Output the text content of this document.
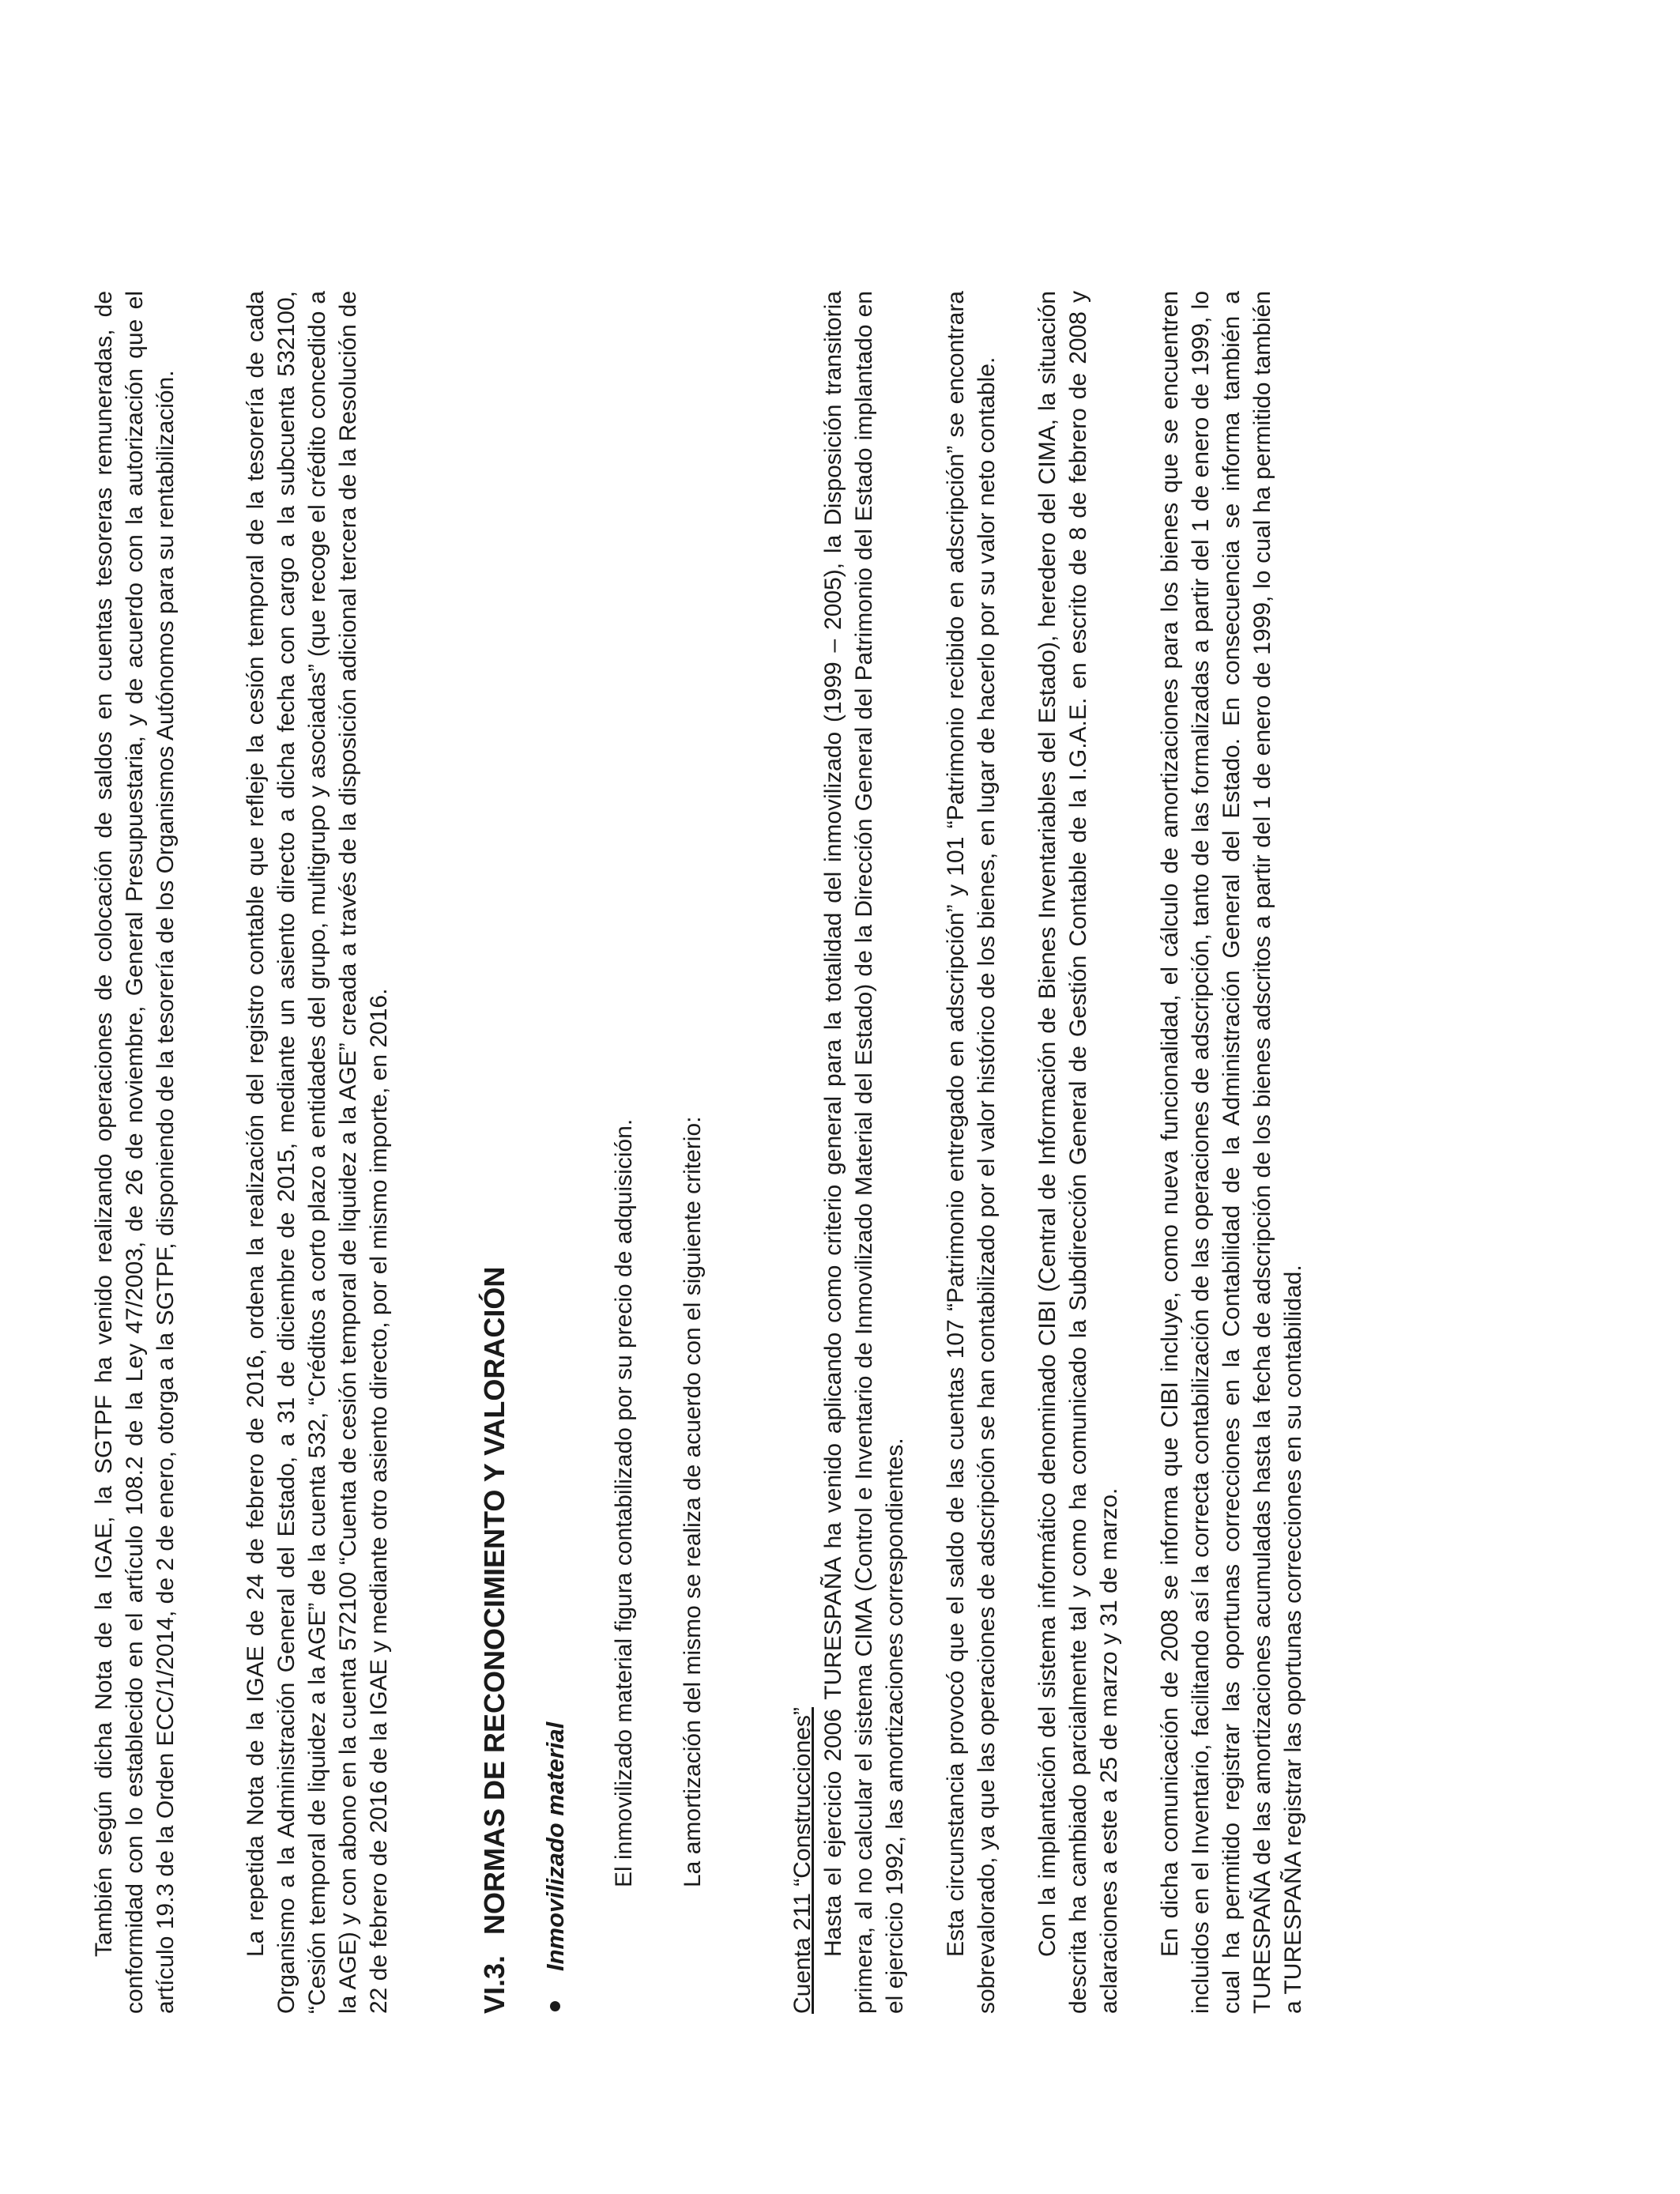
También según dicha Nota de la IGAE, la SGTPF ha venido realizando operaciones de colocación de saldos en cuentas tesoreras remuneradas, de conformidad con lo establecido en el artículo 108.2 de la Ley 47/2003, de 26 de noviembre, General Presupuestaria, y de acuerdo con la autorización que el artículo 19.3 de la Orden ECC/1/2014, de 2 de enero, otorga a la SGTPF, disponiendo de la tesorería de los Organismos Autónomos para su rentabilización.	La repetida Nota de la IGAE de 24 de febrero de 2016, ordena la realización del registro contable que refleje la cesión temporal de la tesorería de cada Organismo a la Administración General del Estado, a 31 de diciembre de 2015, mediante un asiento directo a dicha fecha con cargo a la subcuenta 532100, “Cesión temporal de liquidez a la AGE” de la cuenta 532, “Créditos a corto plazo a entidades del grupo, multigrupo y asociadas” (que recoge el crédito concedido a la AGE) y con abono en la cuenta 572100 “Cuenta de cesión temporal de liquidez a la AGE” creada a través de la disposición adicional tercera de la Resolución de 22 de febrero de 2016 de la IGAE y mediante otro asiento directo, por el mismo importe, en 2016.	VI.3.
NORMAS DE RECONOCIMIENTO Y VALORACIÓN Inmovilizado material El inmovilizado material figura contabilizado por su precio de adquisición. La amortización del mismo se realiza de acuerdo con el siguiente criterio:	Cuenta 211 “Construcciones” Hasta el ejercicio 2006 TURESPAÑA ha venido aplicando como criterio general para la totalidad del inmovilizado (1999 – 2005), la Disposición transitoria primera, al no calcular el sistema CIMA (Control e Inventario de Inmovilizado Material del Estado) de la Dirección General del Patrimonio del Estado implantado en el ejercicio 1992, las amortizaciones correspondientes. Esta circunstancia provocó que el saldo de las cuentas 107 “Patrimonio entregado en adscripción” y 101 “Patrimonio recibido en adscripción” se encontrara sobrevalorado, ya que las operaciones de adscripción se han contabilizado por el valor histórico de los bienes, en lugar de hacerlo por su valor neto contable. Con la implantación del sistema informático denominado CIBI (Central de Información de Bienes Inventariables del Estado), heredero del CIMA, la situación descrita ha cambiado parcialmente tal y como ha comunicado la Subdirección General de Gestión Contable de la I.G.A.E. en escrito de 8 de febrero de 2008 y aclaraciones a este a 25 de marzo y 31 de marzo. En dicha comunicación de 2008 se informa que CIBI incluye, como nueva funcionalidad, el cálculo de amortizaciones para los bienes que se encuentren incluidos en el Inventario, facilitando así la correcta contabilización de las operaciones de adscripción, tanto de las formalizadas a partir del 1 de enero de 1999, lo cual ha permitido registrar las oportunas correcciones en la Contabilidad de la Administración General del Estado. En consecuencia se informa también a TURESPAÑA de las amortizaciones acumuladas hasta la fecha de adscripción de los bienes adscritos a partir del 1 de enero de 1999, lo cual ha permitido también a TURESPAÑA registrar las oportunas correcciones en su contabilidad.
